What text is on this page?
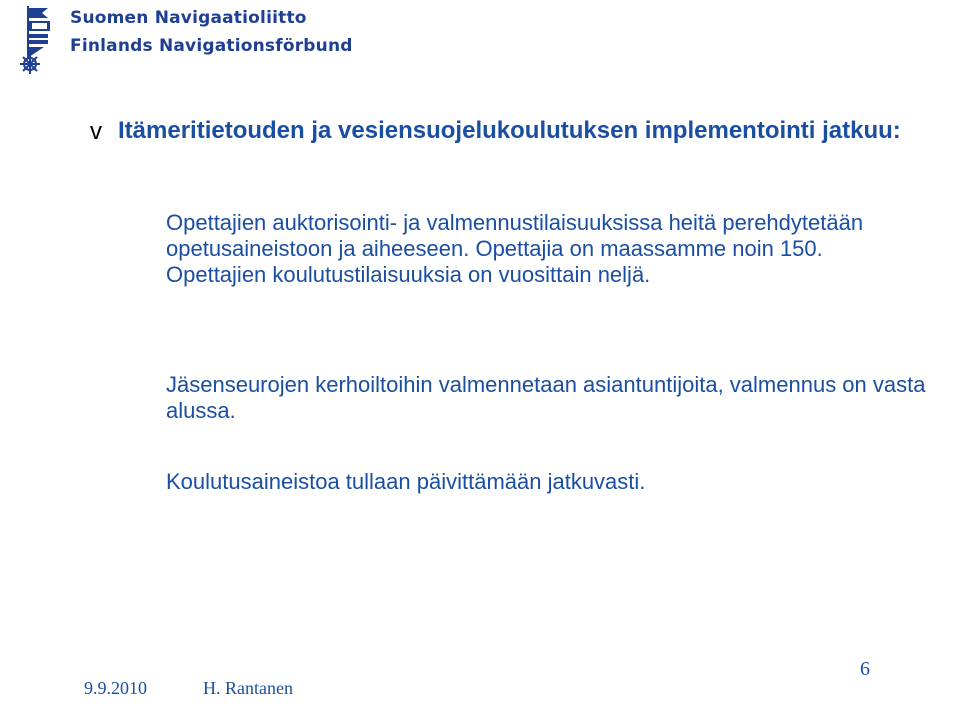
Suomen Navigaatioliitto
Finlands Navigationsförbund
v Itämeritietouden ja vesiensuojelukoulutuksen implementointi jatkuu:

Opettajien auktorisointi- ja valmennustilaisuuksissa heitä perehdytetään opetusaineistoon ja aiheeseen. Opettajia on maassamme noin 150. Opettajien koulutustilaisuuksia on vuosittain neljä.

Jäsenseurojen kerhoiltoihin valmennetaan asiantuntijoita, valmennus on vasta alussa.

Koulutusaineistoa tullaan päivittämään jatkuvasti.

9.9.2010	H. Rantanen
6
